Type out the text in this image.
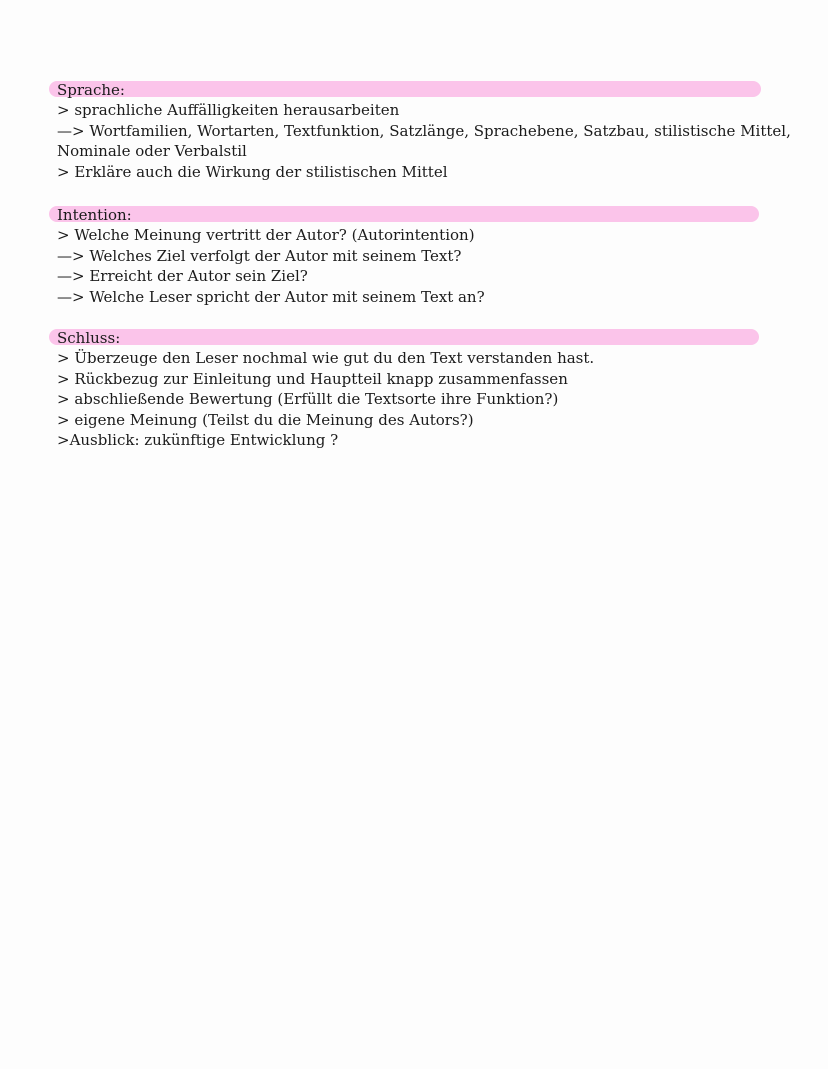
Sprache:
> sprachliche Auffälligkeiten herausarbeiten
—> Wortfamilien, Wortarten, Textfunktion, Satzlänge, Sprachebene, Satzbau, stilistische Mittel,
Nominale oder Verbalstil
> Erkläre auch die Wirkung der stilistischen Mittel
Intention:
> Welche Meinung vertritt der Autor? (Autorintention)
—> Welches Ziel verfolgt der Autor mit seinem Text?
—> Erreicht der Autor sein Ziel?
—> Welche Leser spricht der Autor mit seinem Text an?
Schluss:
> Überzeuge den Leser nochmal wie gut du den Text verstanden hast.
> Rückbezug zur Einleitung und Hauptteil knapp zusammenfassen
> abschließende Bewertung (Erfüllt die Textsorte ihre Funktion?)
> eigene Meinung (Teilst du die Meinung des Autors?)
>Ausblick: zukünftige Entwicklung ?
